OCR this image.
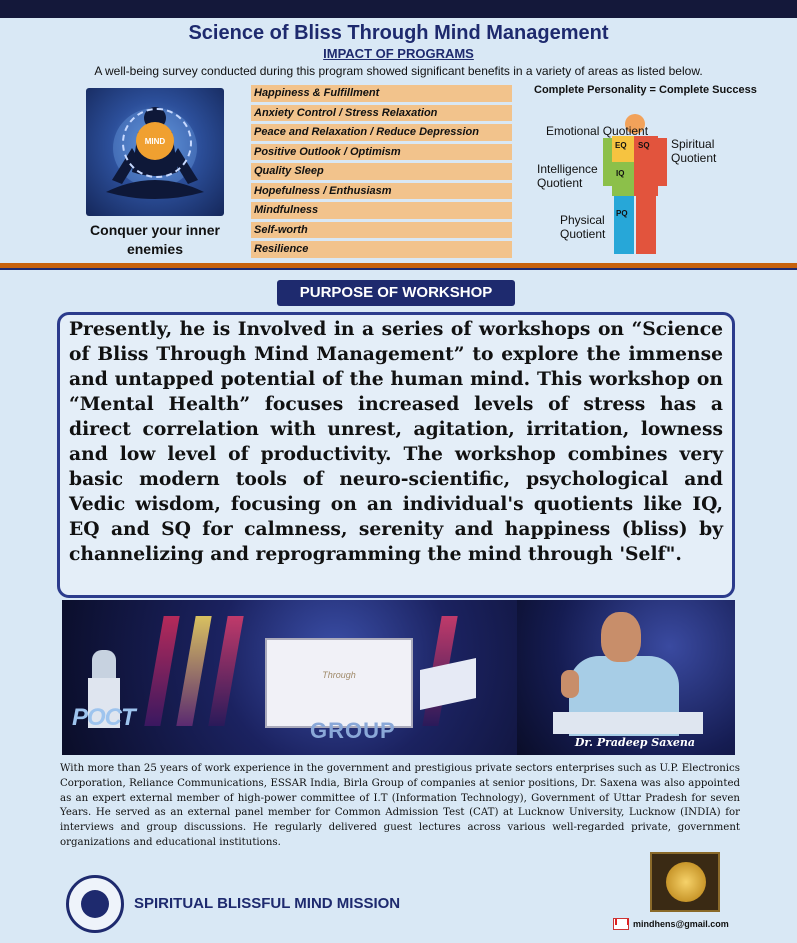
Science of Bliss Through Mind Management
IMPACT OF PROGRAMS
A well-being survey conducted during this program showed significant benefits in a variety of areas as listed below.
MIND
Conquer your inner enemies
Happiness & Fulfillment
Anxiety Control / Stress Relaxation
Peace and Relaxation / Reduce Depression
Positive Outlook / Optimism
Quality Sleep
Hopefulness / Enthusiasm
Mindfulness
Self-worth
Resilience
Complete Personality = Complete Success
EQ SQ
IQ
PQ
Emotional Quotient
Intelligence Quotient
Physical Quotient
Spiritual Quotient
PURPOSE OF WORKSHOP
Presently, he is Involved in a series of workshops on “Science of Bliss Through Mind Management” to explore the immense and untapped potential of the human mind. This workshop on “Mental Health” focuses increased levels of stress has a direct correlation with unrest, agitation, irritation, lowness and low level of productivity. The workshop combines very basic modern tools of neuro-scientific, psychological and Vedic wisdom, focusing on an individual's quotients like IQ, EQ and SQ for calmness, serenity and happiness (bliss) by channelizing and reprogramming the mind through 'Self".
Through
POCT	GROUP	Dr. Pradeep Saxena
With more than 25 years of work experience in the government and prestigious private sectors enterprises such as U.P. Electronics Corporation, Reliance Communications, ESSAR India, Birla Group of companies at senior positions, Dr. Saxena was also appointed as an expert external member of high-power committee of I.T (Information Technology), Government of Uttar Pradesh for seven Years. He served as an external panel member for Common Admission Test (CAT) at Lucknow University, Lucknow (INDIA) for interviews and group discussions. He regularly delivered guest lectures across various well-regarded private, government organizations and educational institutions.
SPIRITUAL BLISSFUL MIND MISSION
mindhens@gmail.com
